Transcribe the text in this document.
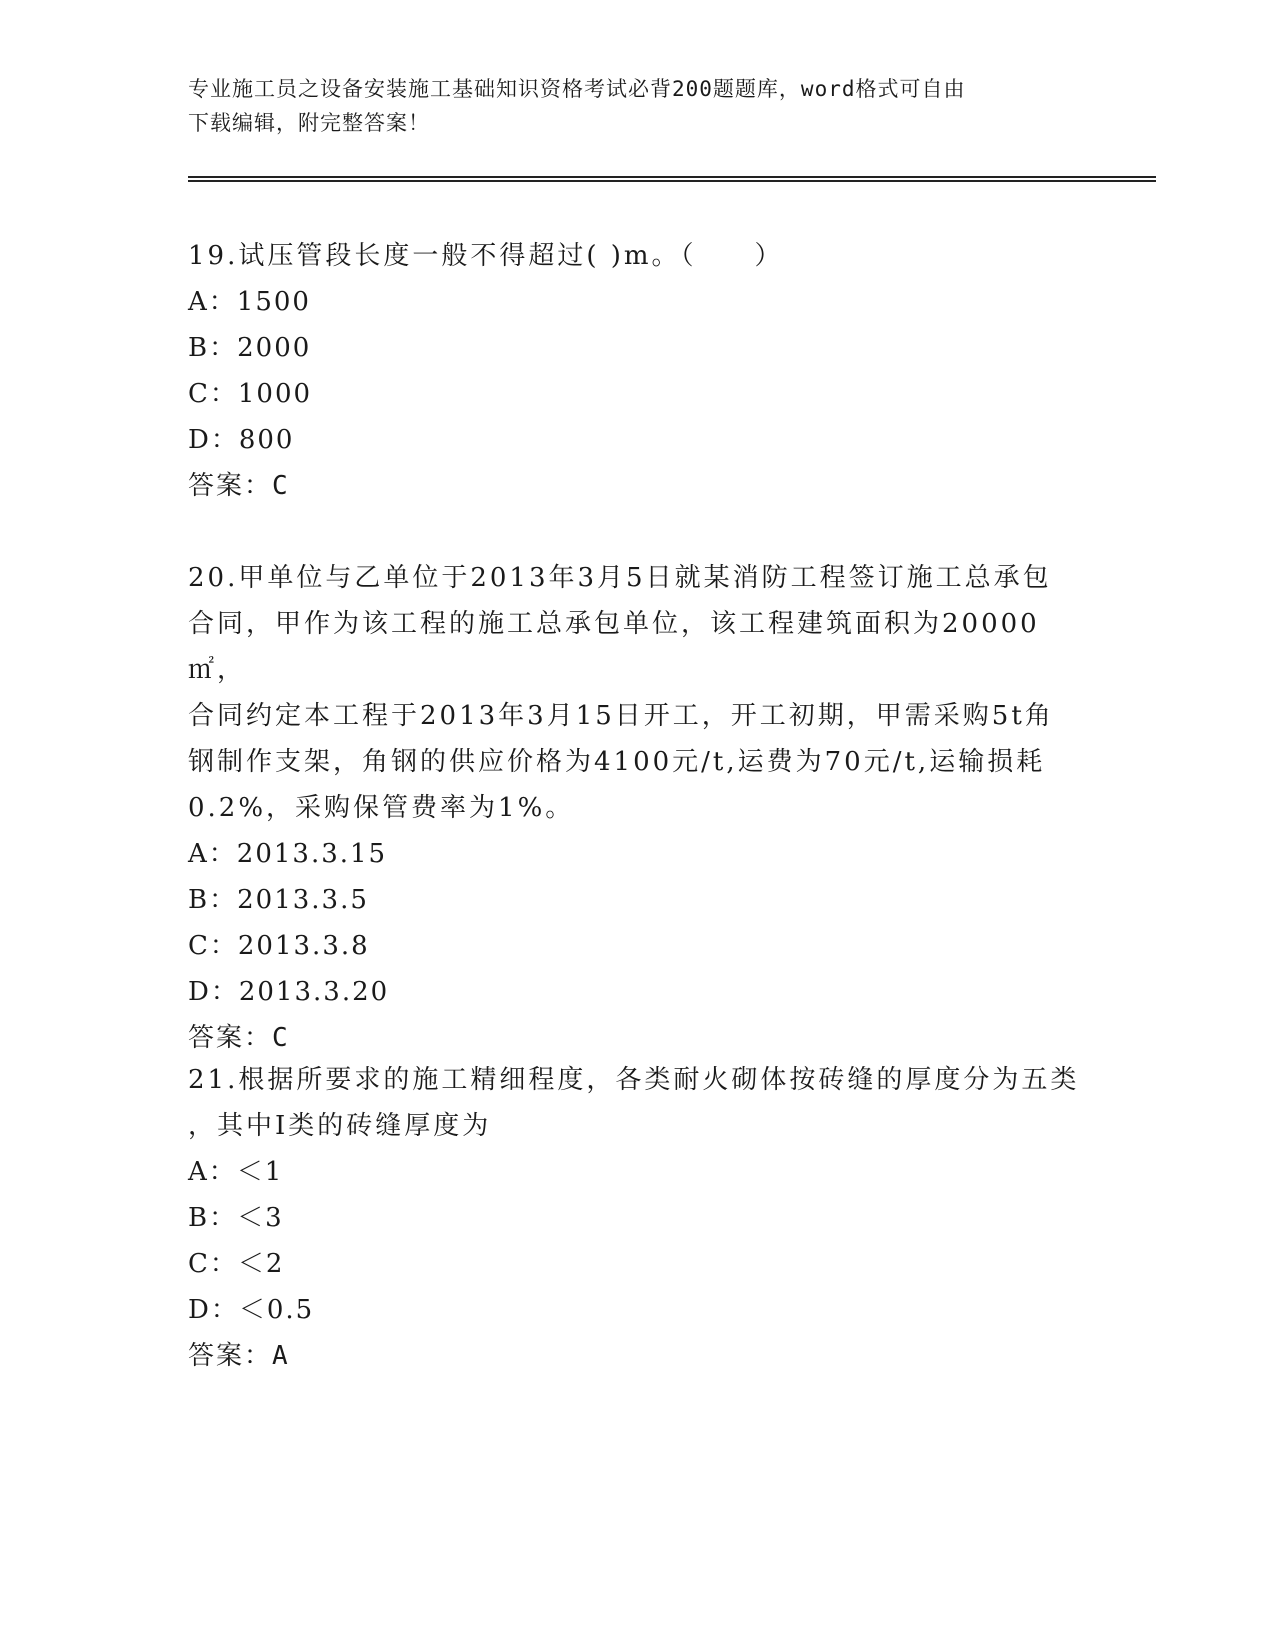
专业施工员之设备安装施工基础知识资格考试必背200题题库，word格式可自由
下载编辑，附完整答案！

19.试压管段长度一般不得超过( )m。（　　）

A：1500

B：2000

C：1000

D：800

答案：C

20.甲单位与乙单位于2013年3月5日就某消防工程签订施工总承包

合同，甲作为该工程的施工总承包单位，该工程建筑面积为20000㎡，

合同约定本工程于2013年3月15日开工，开工初期，甲需采购5t角

钢制作支架，角钢的供应价格为4100元/t,运费为70元/t,运输损耗

0.2%，采购保管费率为1%。

A：2013.3.15

B：2013.3.5

C：2013.3.8

D：2013.3.20

答案：C

21.根据所要求的施工精细程度，各类耐火砌体按砖缝的厚度分为五类

，其中Ⅰ类的砖缝厚度为

A：＜1

B：＜3

C：＜2

D：＜0.5

答案：A
